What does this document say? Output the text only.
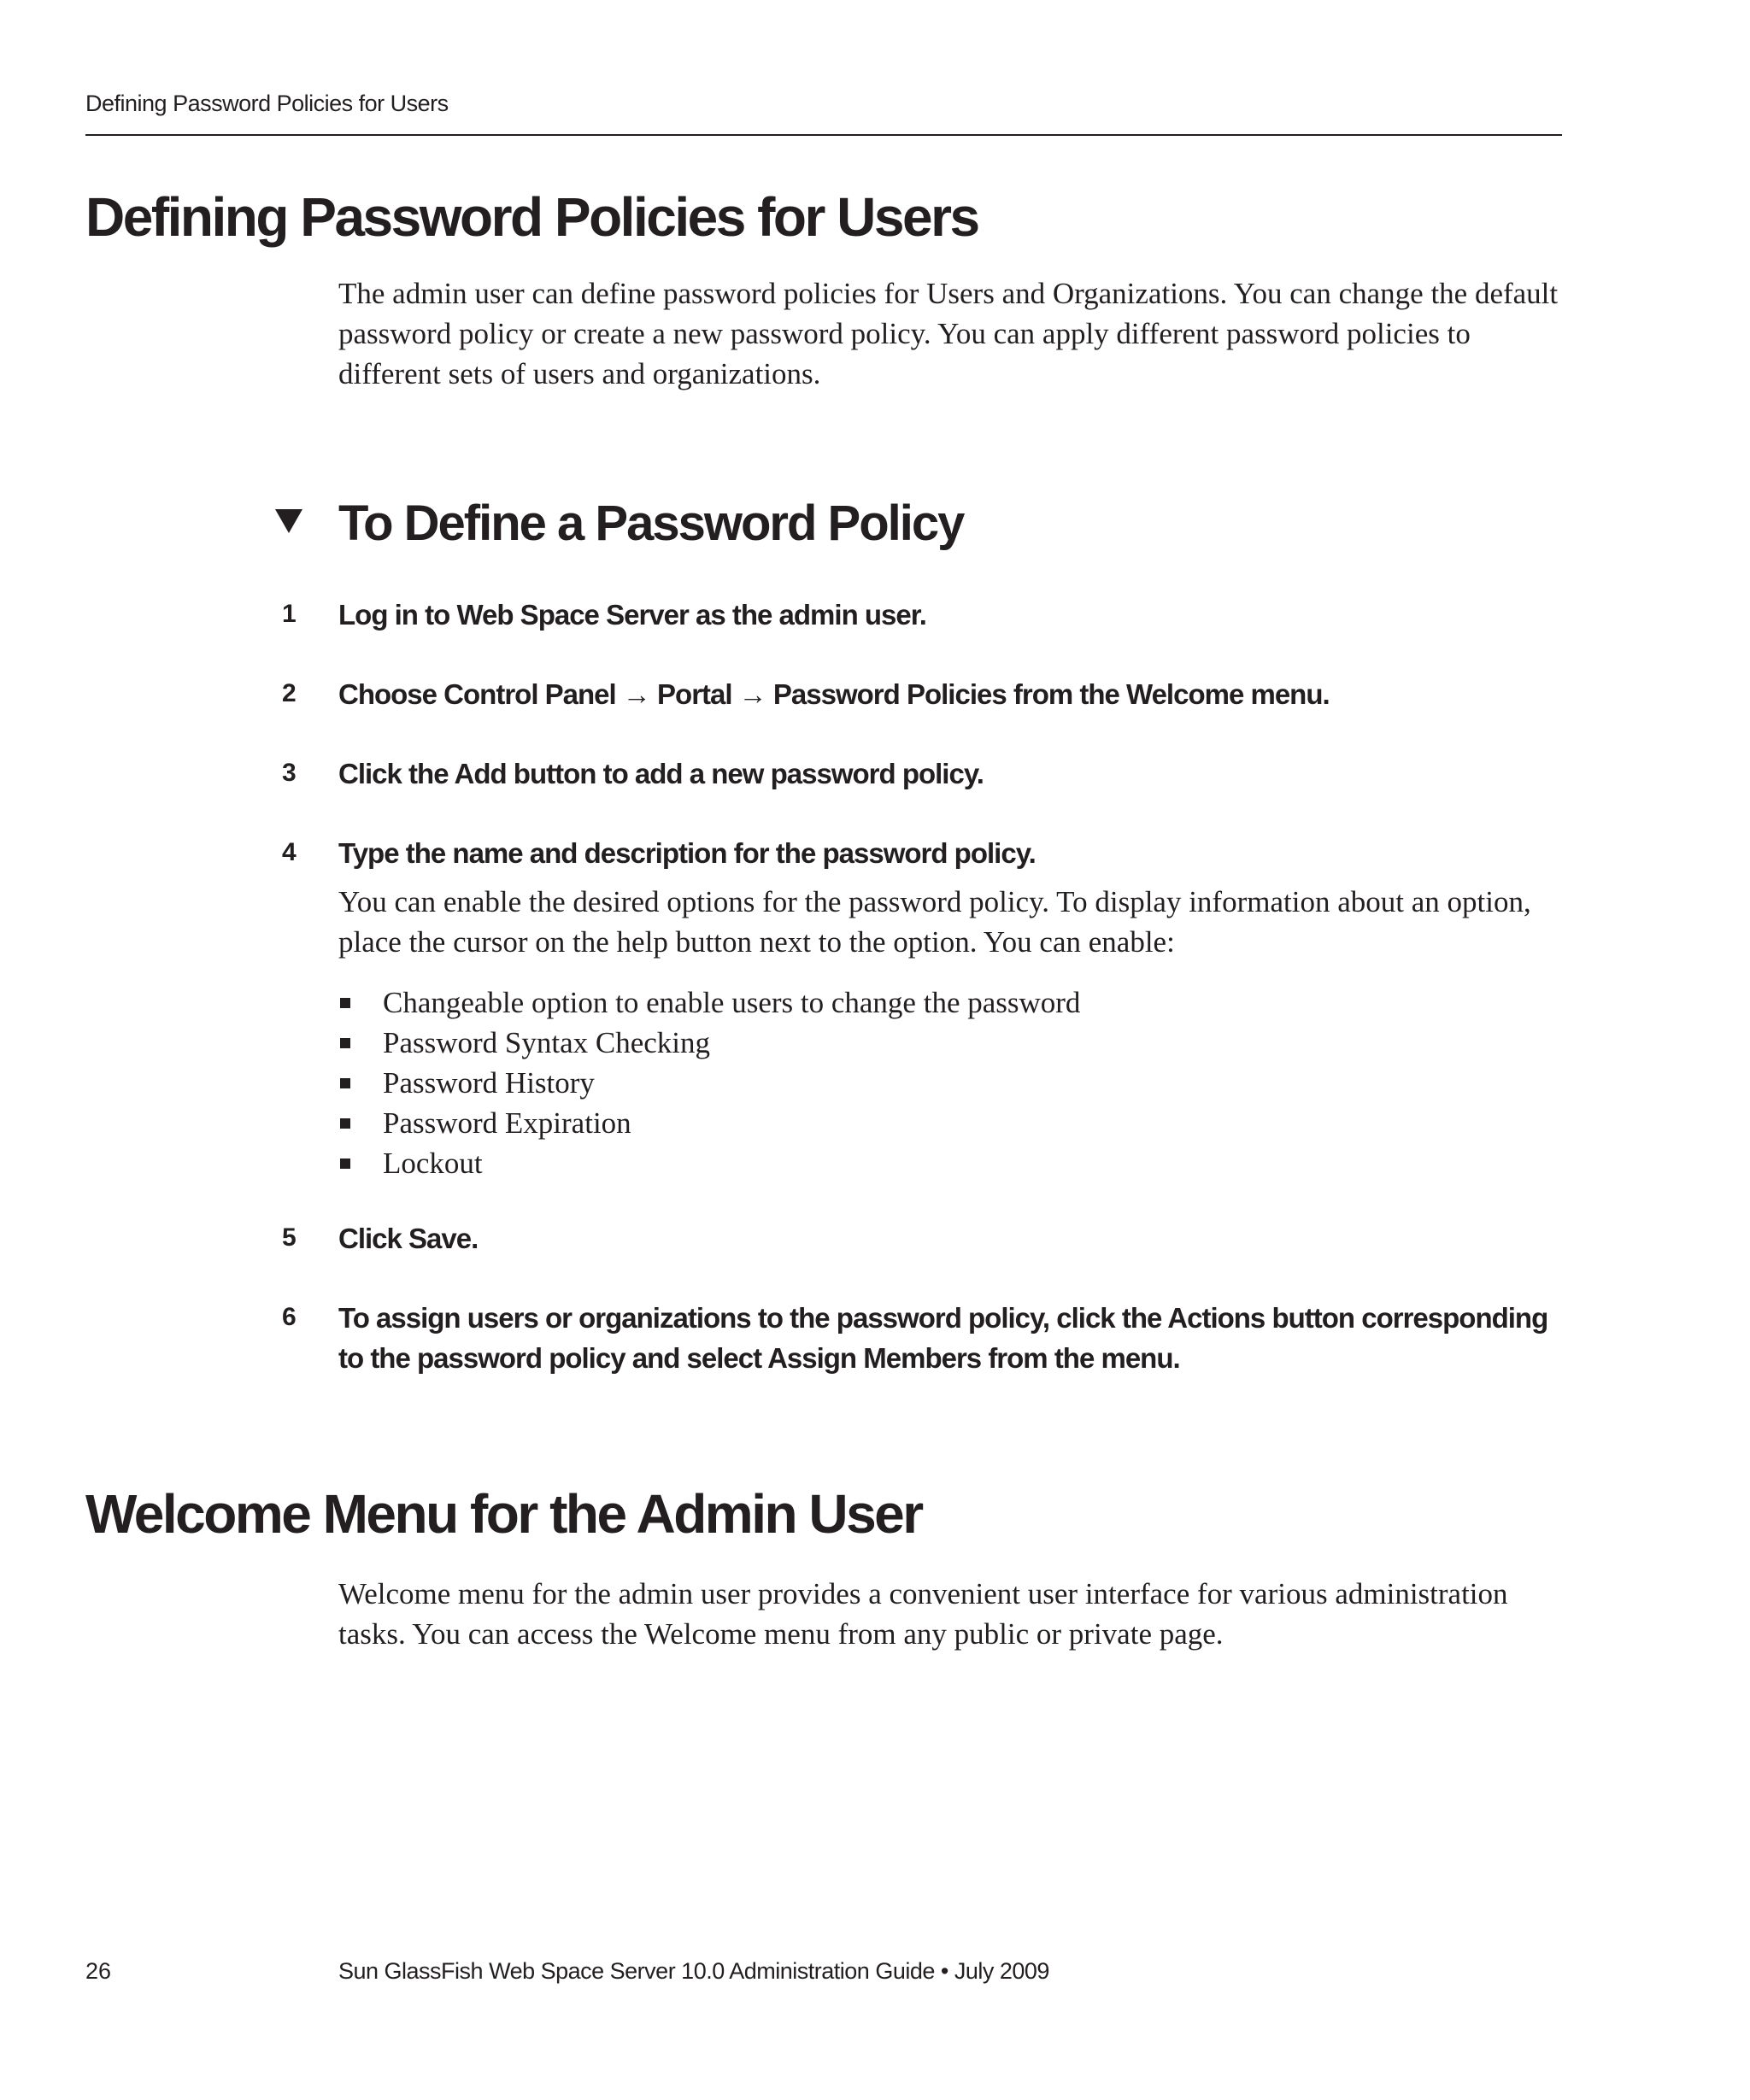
Defining Password Policies for Users
Defining Password Policies for Users

The admin user can define password policies for Users and Organizations. You can change the default password policy or create a new password policy. You can apply different password policies to different sets of users and organizations.

To Define a Password Policy
1 Log in to Web Space Server as the admin user.
2 Choose Control Panel → Portal → Password Policies from the Welcome menu.
3 Click the Add button to add a new password policy.
4 Type the name and description for the password policy.

You can enable the desired options for the password policy. To display information about an option, place the cursor on the help button next to the option. You can enable:

Changeable option to enable users to change the password
Password Syntax Checking
Password History
Password Expiration
Lockout
5 Click Save.
6 To assign users or organizations to the password policy, click the Actions button corresponding to the password policy and select Assign Members from the menu.
Welcome Menu for the Admin User

Welcome menu for the admin user provides a convenient user interface for various administration tasks. You can access the Welcome menu from any public or private page.

26	Sun GlassFish Web Space Server 10.0 Administration Guide • July 2009
